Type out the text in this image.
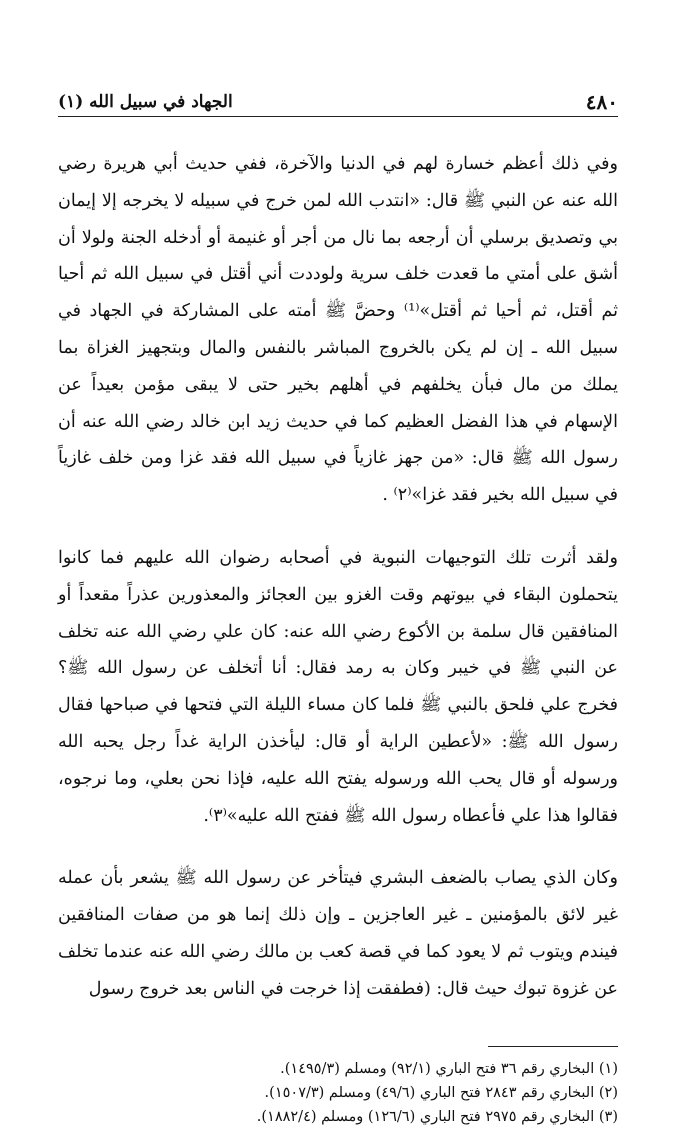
٤٨٠
الجهاد في سبيل الله (١)

وفي ذلك أعظم خسارة لهم في الدنيا والآخرة، ففي حديث أبي هريرة رضي الله عنه عن النبي ﷺ قال: «انتدب الله لمن خرج في سبيله لا يخرجه إلا إيمان بي وتصديق برسلي أن أرجعه بما نال من أجر أو غنيمة أو أدخله الجنة ولولا أن أشق على أمتي ما قعدت خلف سرية ولوددت أني أقتل في سبيل الله ثم أحيا ثم أقتل، ثم أحيا ثم أقتل»⁽¹⁾ وحضَّ ﷺ أمته على المشاركة في الجهاد في سبيل الله ـ إن لم يكن بالخروج المباشر بالنفس والمال وبتجهيز الغزاة بما يملك من مال فبأن يخلفهم في أهلهم بخير حتى لا يبقى مؤمن بعيداً عن الإسهام في هذا الفضل العظيم كما في حديث زيد ابن خالد رضي الله عنه أن رسول الله ﷺ قال: «من جهز غازياً في سبيل الله فقد غزا ومن خلف غازياً في سبيل الله بخير فقد غزا»⁽٢⁾ .

ولقد أثرت تلك التوجيهات النبوية في أصحابه رضوان الله عليهم فما كانوا يتحملون البقاء في بيوتهم وقت الغزو بين العجائز والمعذورين عذراً مقعداً أو المنافقين قال سلمة بن الأكوع رضي الله عنه: كان علي رضي الله عنه تخلف عن النبي ﷺ في خيبر وكان به رمد فقال: أنا أتخلف عن رسول الله ﷺ؟ فخرج علي فلحق بالنبي ﷺ فلما كان مساء الليلة التي فتحها في صباحها فقال رسول الله ﷺ: «لأعطين الراية أو قال: ليأخذن الراية غداً رجل يحبه الله ورسوله أو قال يحب الله ورسوله يفتح الله عليه، فإذا نحن بعلي، وما نرجوه، فقالوا هذا علي فأعطاه رسول الله ﷺ ففتح الله عليه»⁽٣⁾.

وكان الذي يصاب بالضعف البشري فيتأخر عن رسول الله ﷺ يشعر بأن عمله غير لائق بالمؤمنين ـ غير العاجزين ـ وإن ذلك إنما هو من صفات المنافقين فيندم ويتوب ثم لا يعود كما في قصة كعب بن مالك رضي الله عنه عندما تخلف عن غزوة تبوك حيث قال: (فطفقت إذا خرجت في الناس بعد خروج رسول

(١) البخاري رقم ٣٦ فتح الباري (٩٢/١) ومسلم (١٤٩٥/٣).

(٢) البخاري رقم ٢٨٤٣ فتح الباري (٤٩/٦) ومسلم (١٥٠٧/٣).

(٣) البخاري رقم ٢٩٧٥ فتح الباري (١٢٦/٦) ومسلم (١٨٨٢/٤).
